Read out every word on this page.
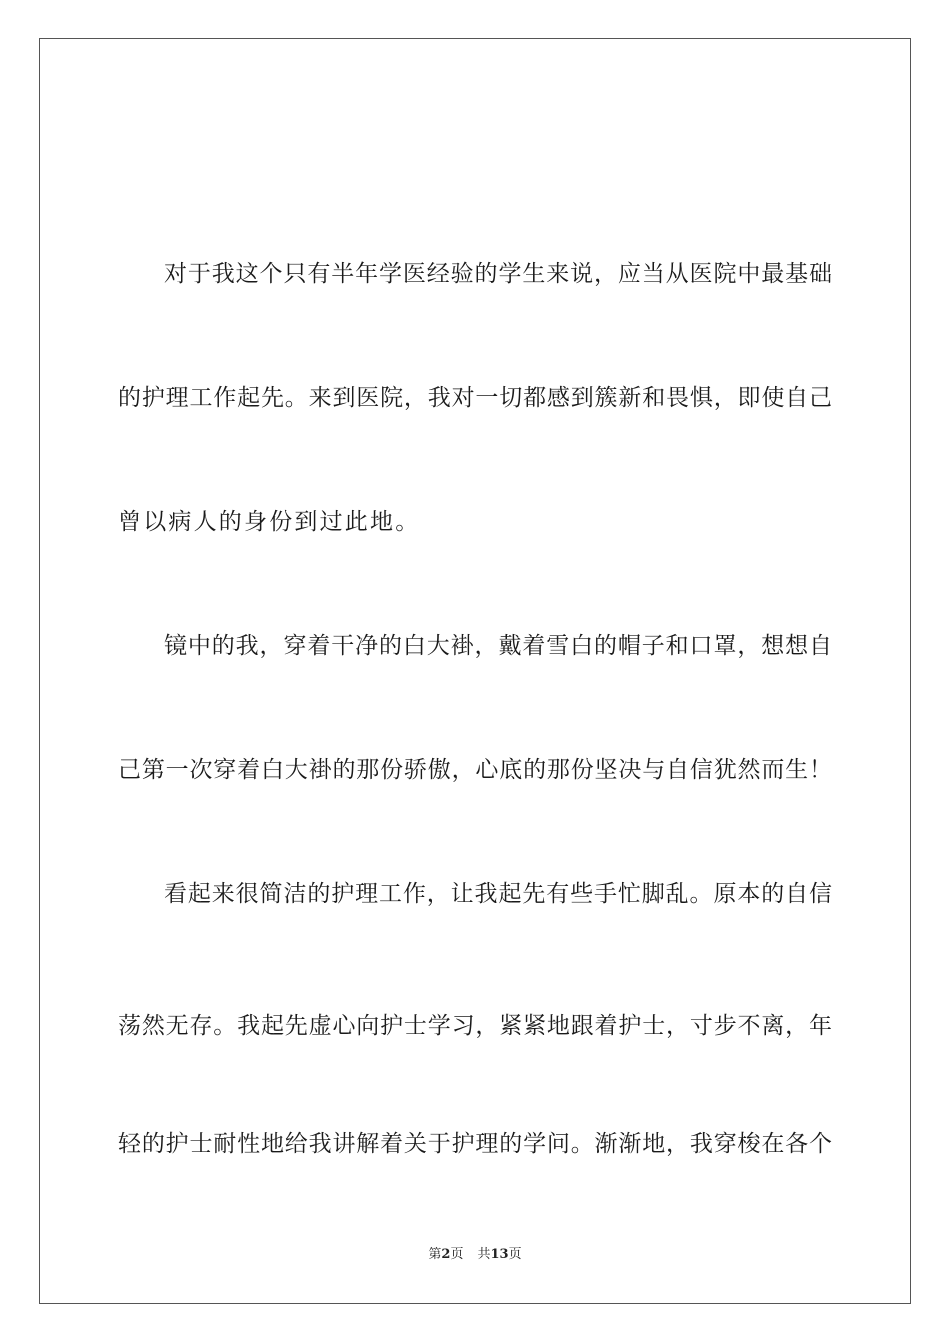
对于我这个只有半年学医经验的学生来说，应当从医院中最基础
的护理工作起先。来到医院，我对一切都感到簇新和畏惧，即使自己
曾以病人的身份到过此地。
镜中的我，穿着干净的白大褂，戴着雪白的帽子和口罩，想想自
己第一次穿着白大褂的那份骄傲，心底的那份坚决与自信犹然而生！
看起来很简洁的护理工作，让我起先有些手忙脚乱。原本的自信
荡然无存。我起先虚心向护士学习，紧紧地跟着护士，寸步不离，年
轻的护士耐性地给我讲解着关于护理的学问。渐渐地，我穿梭在各个
第2页 共13页
